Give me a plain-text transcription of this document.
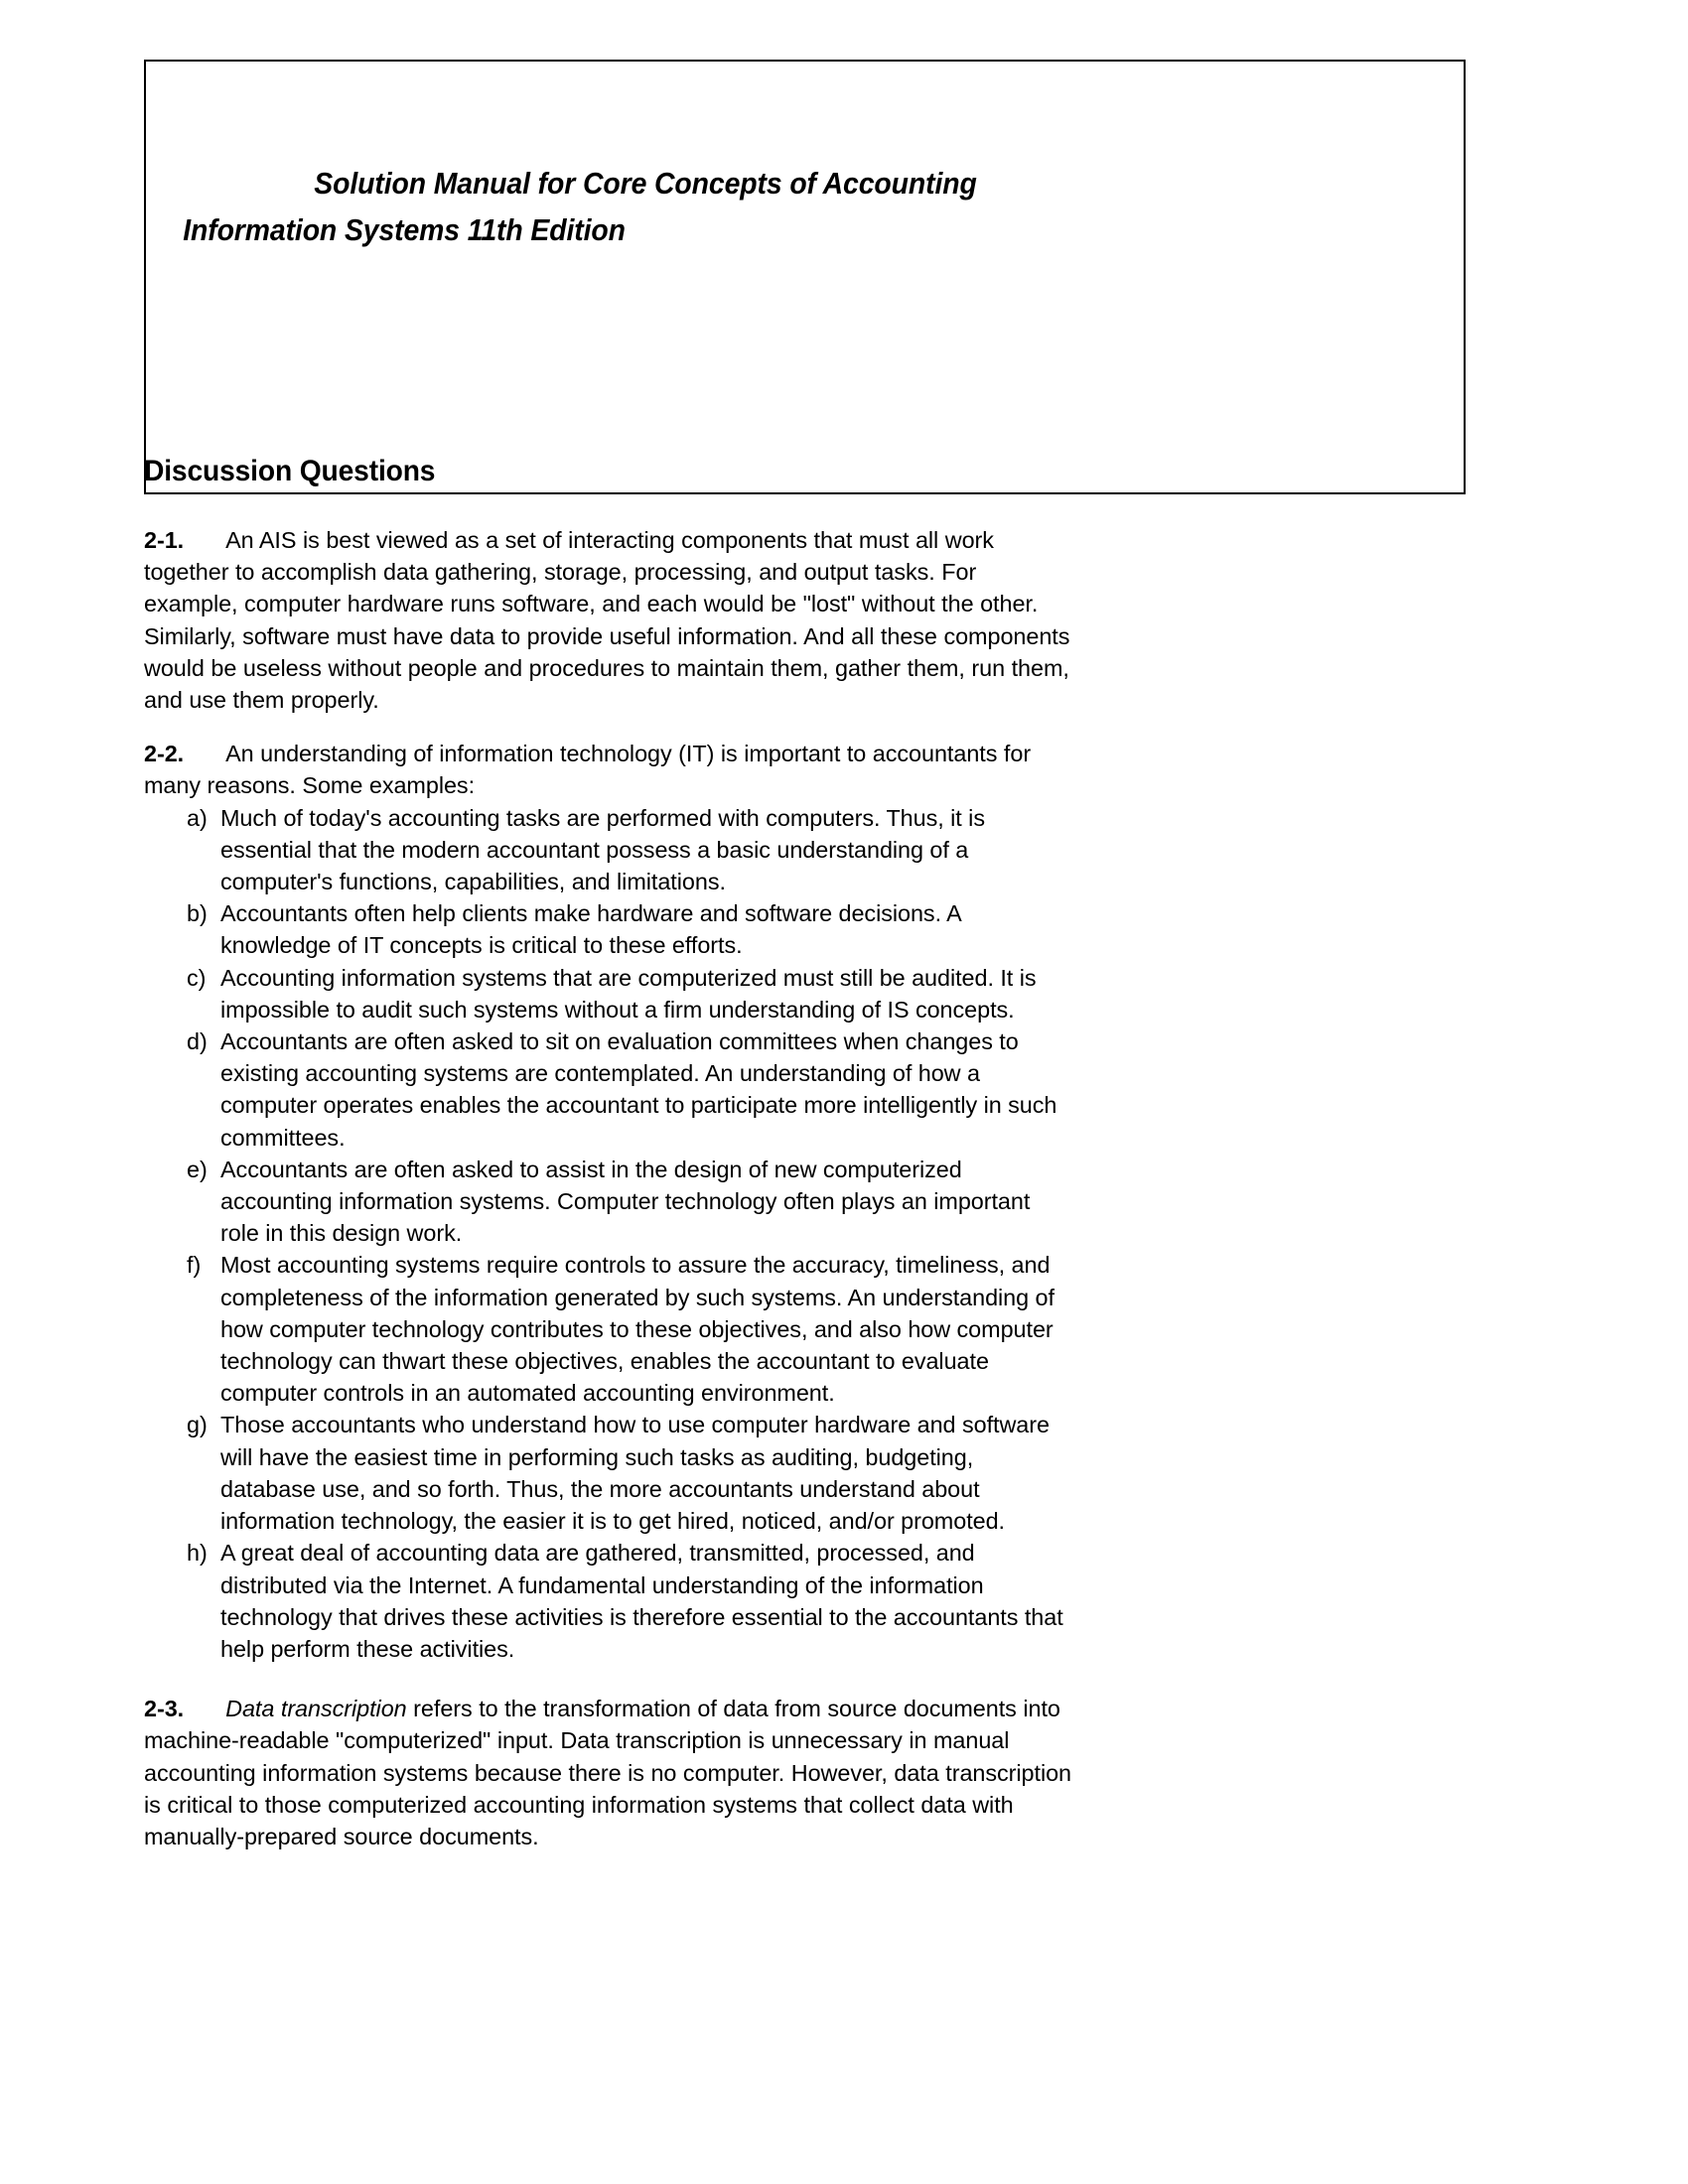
Solution Manual for Core Concepts of Accounting
Information Systems 11th Edition
Discussion Questions

2-1. An AIS is best viewed as a set of interacting components that must all work together to accomplish data gathering, storage, processing, and output tasks. For example, computer hardware runs software, and each would be "lost" without the other. Similarly, software must have data to provide useful information. And all these components would be useless without people and procedures to maintain them, gather them, run them, and use them properly.

2-2. An understanding of information technology (IT) is important to accountants for many reasons. Some examples:

a) Much of today's accounting tasks are performed with computers. Thus, it is essential that the modern accountant possess a basic understanding of a computer's functions, capabilities, and limitations.
b) Accountants often help clients make hardware and software decisions. A knowledge of IT concepts is critical to these efforts.
c) Accounting information systems that are computerized must still be audited. It is impossible to audit such systems without a firm understanding of IS concepts.
d) Accountants are often asked to sit on evaluation committees when changes to existing accounting systems are contemplated. An understanding of how a computer operates enables the accountant to participate more intelligently in such committees.
e) Accountants are often asked to assist in the design of new computerized accounting information systems. Computer technology often plays an important role in this design work.
f) Most accounting systems require controls to assure the accuracy, timeliness, and completeness of the information generated by such systems. An understanding of how computer technology contributes to these objectives, and also how computer technology can thwart these objectives, enables the accountant to evaluate computer controls in an automated accounting environment.
g) Those accountants who understand how to use computer hardware and software will have the easiest time in performing such tasks as auditing, budgeting, database use, and so forth. Thus, the more accountants understand about information technology, the easier it is to get hired, noticed, and/or promoted.
h) A great deal of accounting data are gathered, transmitted, processed, and distributed via the Internet. A fundamental understanding of the information technology that drives these activities is therefore essential to the accountants that help perform these activities.

2-3. Data transcription refers to the transformation of data from source documents into machine-readable "computerized" input. Data transcription is unnecessary in manual accounting information systems because there is no computer. However, data transcription is critical to those computerized accounting information systems that collect data with manually-prepared source documents.
